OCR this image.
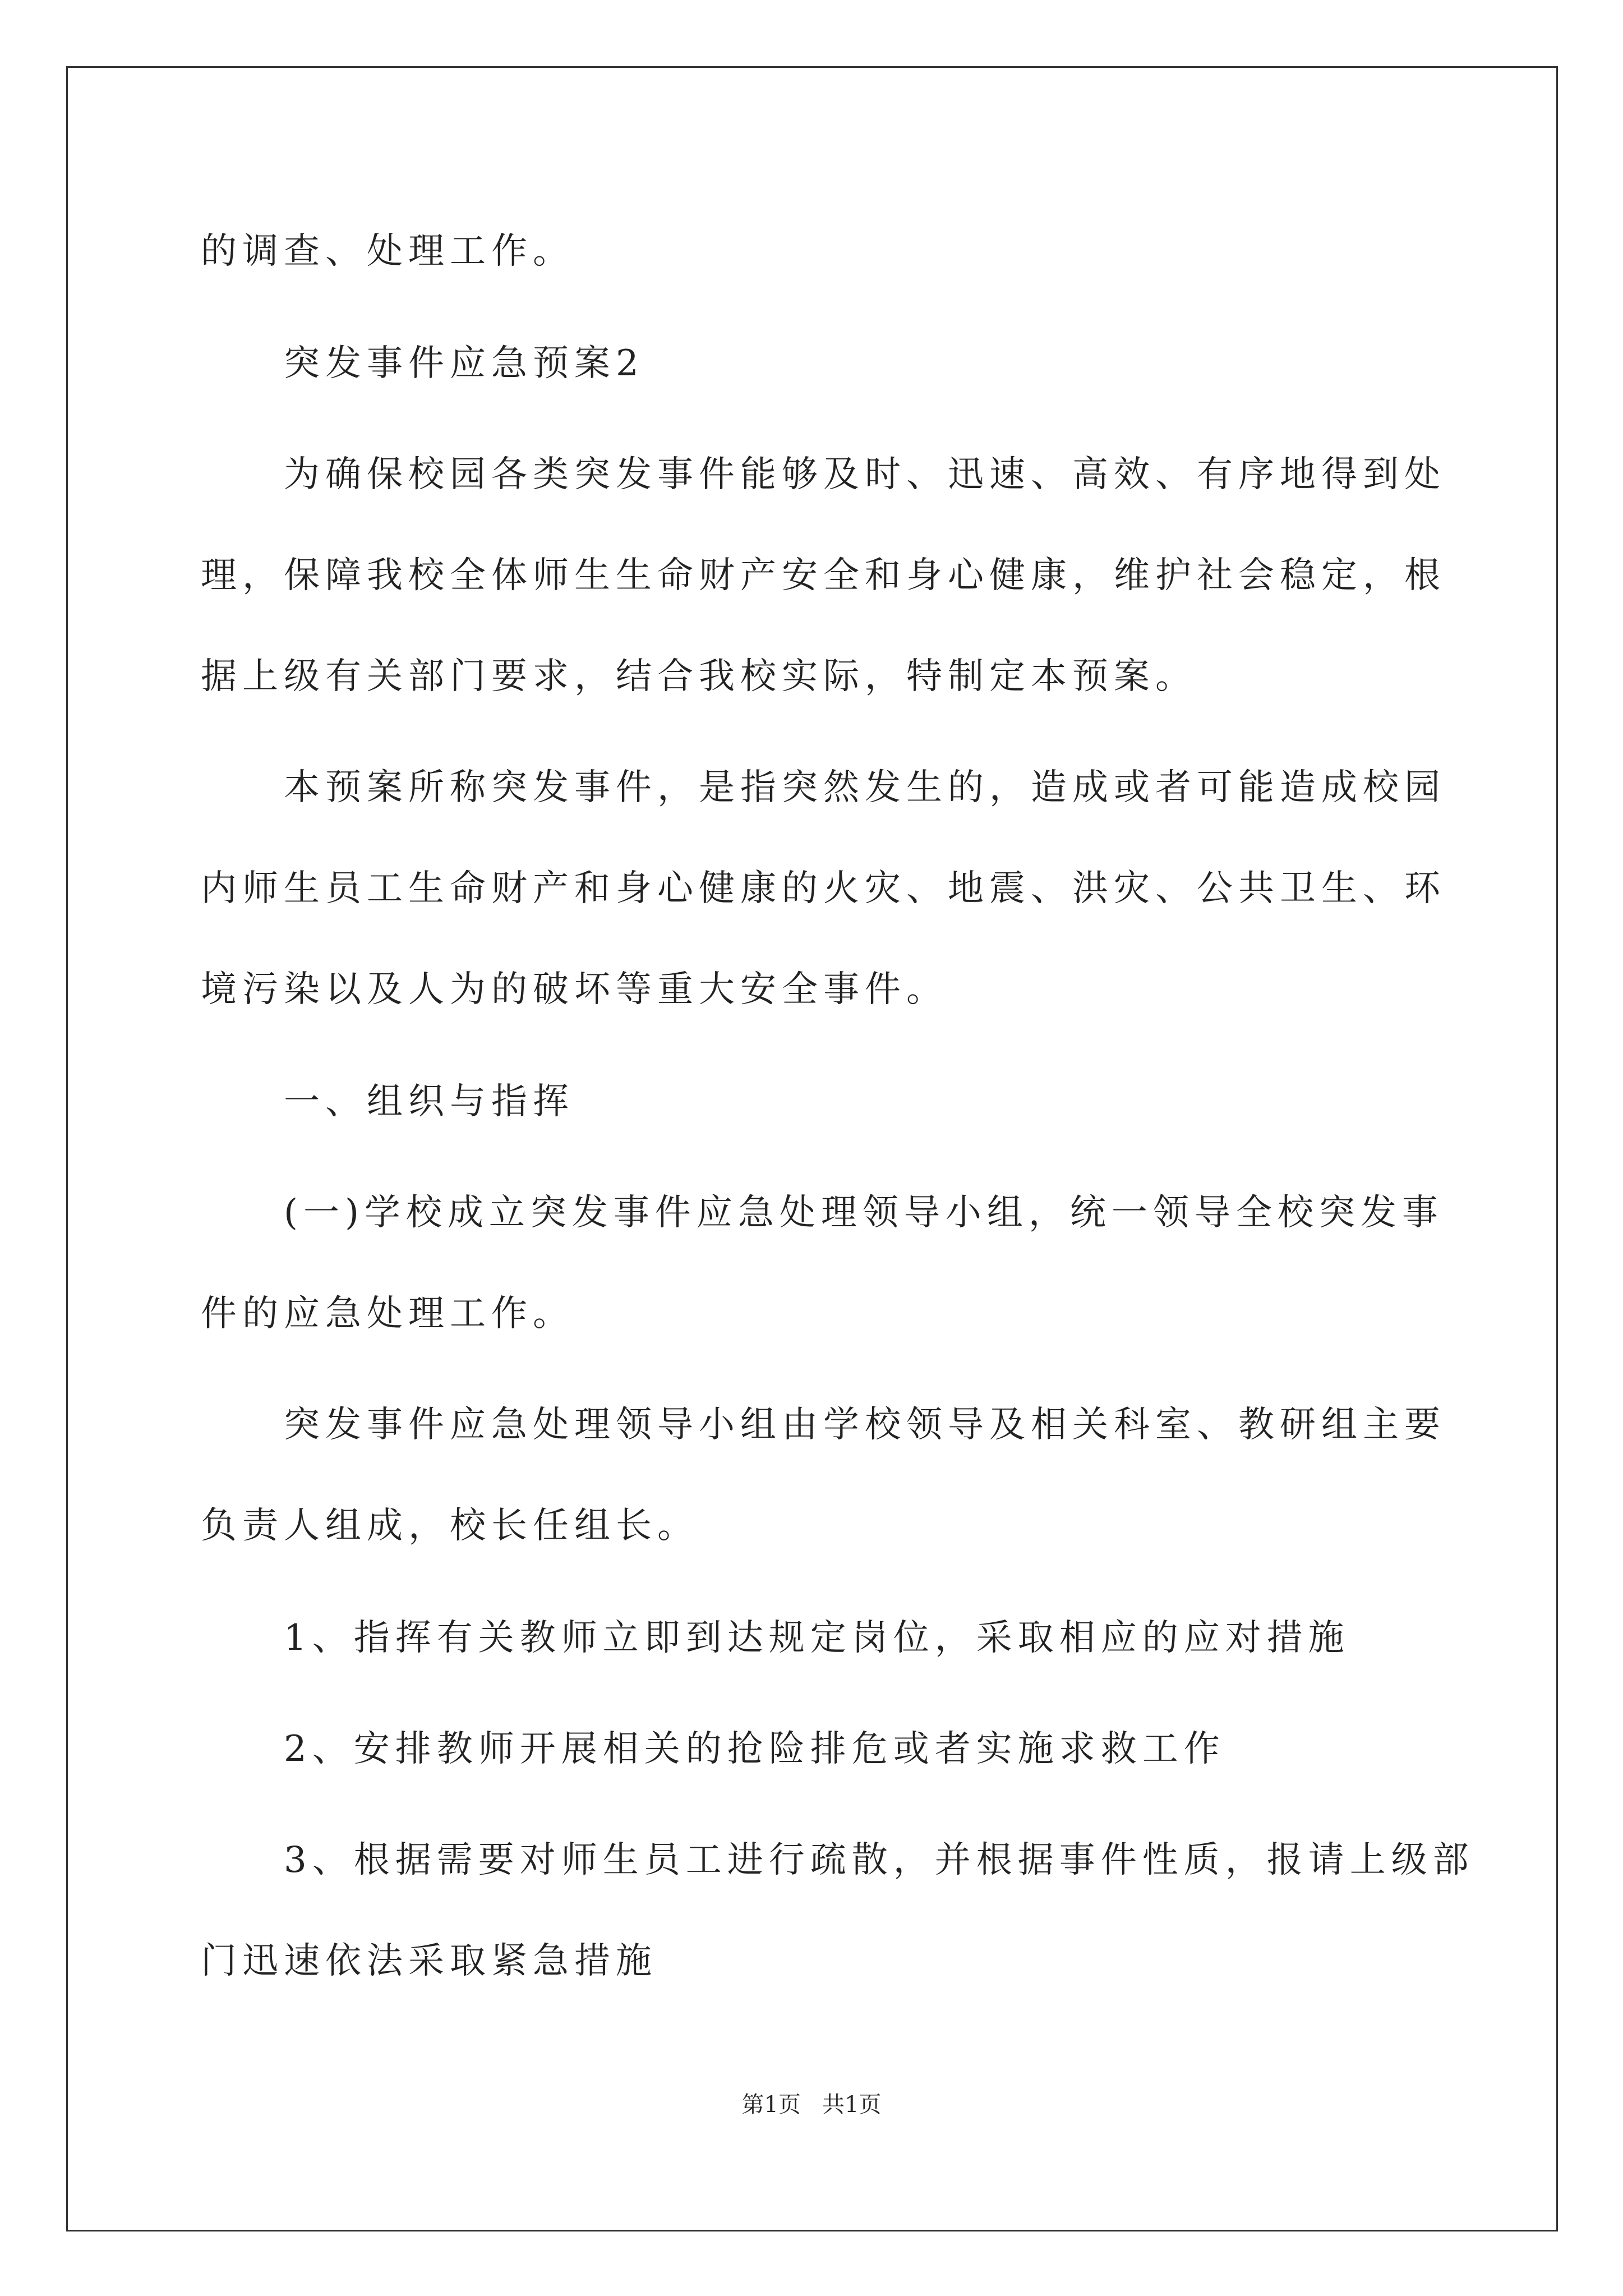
的调查、处理工作。
突发事件应急预案2
为确保校园各类突发事件能够及时、迅速、高效、有序地得到处
理，保障我校全体师生生命财产安全和身心健康，维护社会稳定，根
据上级有关部门要求，结合我校实际，特制定本预案。
本预案所称突发事件，是指突然发生的，造成或者可能造成校园
内师生员工生命财产和身心健康的火灾、地震、洪灾、公共卫生、环
境污染以及人为的破坏等重大安全事件。
一、组织与指挥
(一)学校成立突发事件应急处理领导小组，统一领导全校突发事
件的应急处理工作。
突发事件应急处理领导小组由学校领导及相关科室、教研组主要
负责人组成，校长任组长。
1、指挥有关教师立即到达规定岗位，采取相应的应对措施
2、安排教师开展相关的抢险排危或者实施求救工作
3、根据需要对师生员工进行疏散，并根据事件性质，报请上级部
门迅速依法采取紧急措施
第1页   共1页
